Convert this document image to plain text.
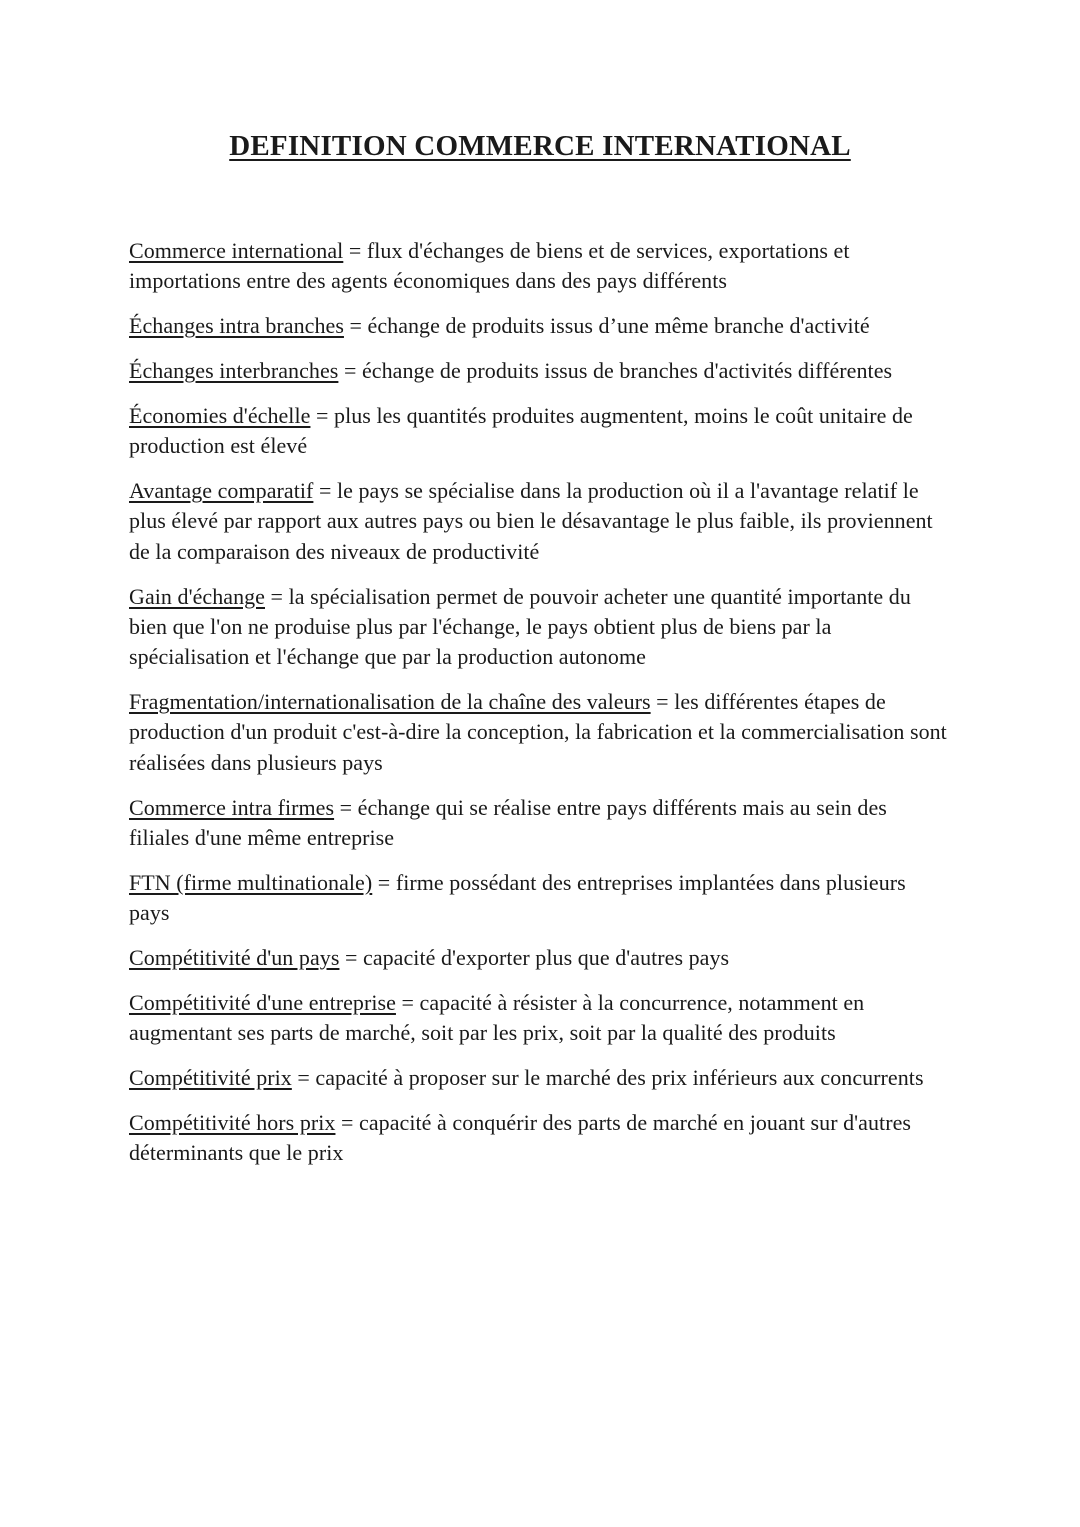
DEFINITION COMMERCE INTERNATIONAL

Commerce international = flux d'échanges de biens et de services, exportations et importations entre des agents économiques dans des pays différents

Échanges intra branches = échange de produits issus d’une même branche d'activité

Échanges interbranches = échange de produits issus de branches d'activités différentes

Économies d'échelle = plus les quantités produites augmentent, moins le coût unitaire de production est élevé

Avantage comparatif = le pays se spécialise dans la production où il a l'avantage relatif le plus élevé par rapport aux autres pays ou bien le désavantage le plus faible, ils proviennent de la comparaison des niveaux de productivité

Gain d'échange = la spécialisation permet de pouvoir acheter une quantité importante du bien que l'on ne produise plus par l'échange, le pays obtient plus de biens par la spécialisation et l'échange que par la production autonome

Fragmentation/internationalisation de la chaîne des valeurs = les différentes étapes de production d'un produit c'est-à-dire la conception, la fabrication et la commercialisation sont réalisées dans plusieurs pays

Commerce intra firmes = échange qui se réalise entre pays différents mais au sein des filiales d'une même entreprise

FTN (firme multinationale) = firme possédant des entreprises implantées dans plusieurs pays

Compétitivité d'un pays = capacité d'exporter plus que d'autres pays

Compétitivité d'une entreprise = capacité à résister à la concurrence, notamment en augmentant ses parts de marché, soit par les prix, soit par la qualité des produits

Compétitivité prix = capacité à proposer sur le marché des prix inférieurs aux concurrents

Compétitivité hors prix = capacité à conquérir des parts de marché en jouant sur d'autres déterminants que le prix
